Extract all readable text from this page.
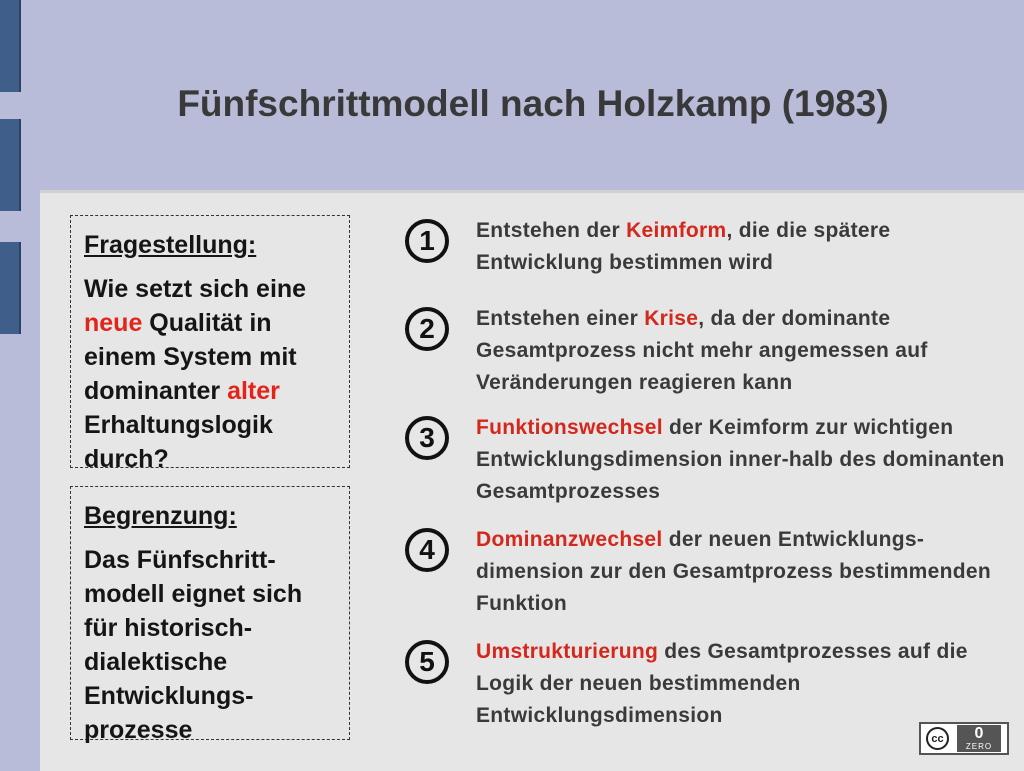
Fünfschrittmodell nach Holzkamp (1983)

Fragestellung:

Wie setzt sich eine neue Qualität in einem System mit dominanter alter Erhaltungslogik durch?

Begrenzung:

Das Fünfschritt-modell eignet sich für historisch-dialektische Entwicklungs-prozesse

1	Entstehen der Keimform, die die spätere Entwicklung bestimmen wird
2	Entstehen einer Krise, da der dominante Gesamtprozess nicht mehr angemessen auf Veränderungen reagieren kann
3	Funktionswechsel der Keimform zur wichtigen Entwicklungsdimension inner-halb des dominanten Gesamtprozesses
4	Dominanzwechsel der neuen Entwicklungs-dimension zur den Gesamtprozess bestimmenden Funktion
5	Umstrukturierung des Gesamtprozesses auf die Logik der neuen bestimmenden Entwicklungsdimension
cc	0
ZERO
